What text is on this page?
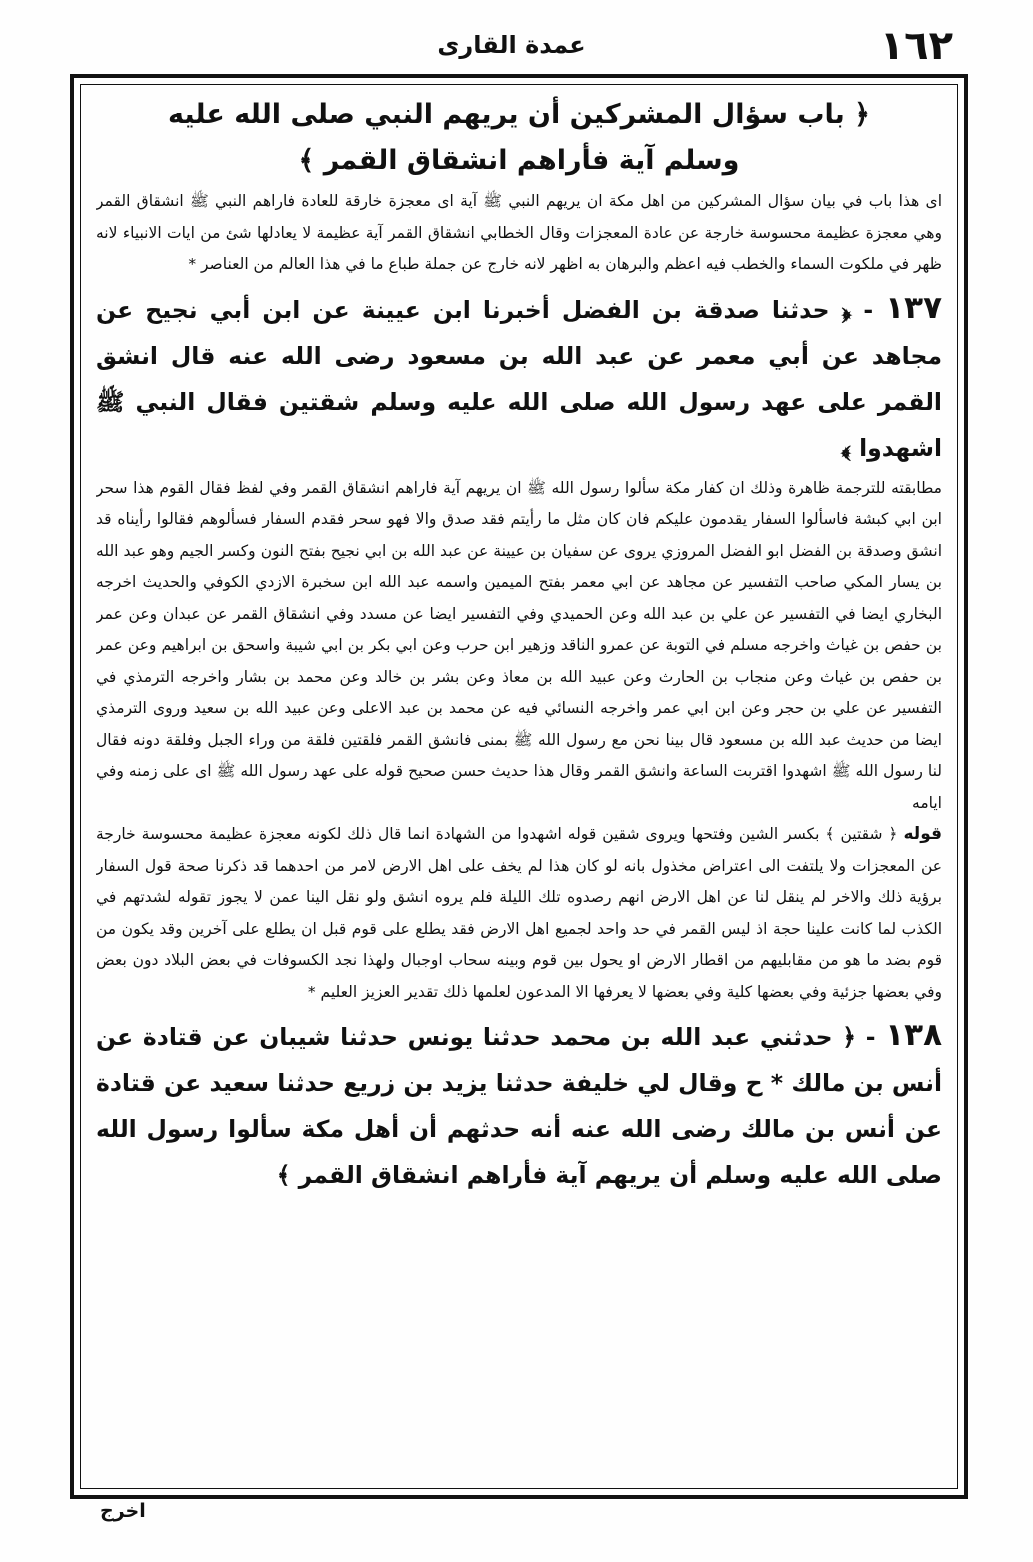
١٦٢
عمدة القارى
﴿ باب سؤال المشركين أن يريهم النبي صلى الله عليه
وسلم آية فأراهم انشقاق القمر ﴾

اى هذا باب في بيان سؤال المشركين من اهل مكة ان يريهم النبي ﷺ آية اى معجزة خارقة للعادة فاراهم النبي ﷺ انشقاق القمر وهي معجزة عظيمة محسوسة خارجة عن عادة المعجزات وقال الخطابي انشقاق القمر آية عظيمة لا يعادلها شئ من ايات الانبياء لانه ظهر في ملكوت السماء والخطب فيه اعظم والبرهان به اظهر لانه خارج عن جملة طباع ما في هذا العالم من العناصر *

١٣٧ - ﴿ حدثنا صدقة بن الفضل أخبرنا ابن عيينة عن ابن أبي نجيح عن مجاهد عن أبي معمر عن عبد الله بن مسعود رضى الله عنه قال انشق القمر على عهد رسول الله صلى الله عليه وسلم شقتين فقال النبي ﷺ اشهدوا ﴾

مطابقته للترجمة ظاهرة وذلك ان كفار مكة سألوا رسول الله ﷺ ان يريهم آية فاراهم انشقاق القمر وفي لفظ فقال القوم هذا سحر ابن ابي كبشة فاسألوا السفار يقدمون عليكم فان كان مثل ما رأيتم فقد صدق والا فهو سحر فقدم السفار فسألوهم فقالوا رأيناه قد انشق وصدقة بن الفضل ابو الفضل المروزي يروى عن سفيان بن عيينة عن عبد الله بن ابي نجيح بفتح النون وكسر الجيم وهو عبد الله بن يسار المكي صاحب التفسير عن مجاهد عن ابي معمر بفتح الميمين واسمه عبد الله ابن سخبرة الازدي الكوفي والحديث اخرجه البخاري ايضا في التفسير عن علي بن عبد الله وعن الحميدي وفي التفسير ايضا عن مسدد وفي انشقاق القمر عن عبدان وعن عمر بن حفص بن غياث واخرجه مسلم في التوبة عن عمرو الناقد وزهير ابن حرب وعن ابي بكر بن ابي شيبة واسحق بن ابراهيم وعن عمر بن حفص بن غياث وعن منجاب بن الحارث وعن عبيد الله بن معاذ وعن بشر بن خالد وعن محمد بن بشار واخرجه الترمذي في التفسير عن علي بن حجر وعن ابن ابي عمر واخرجه النسائي فيه عن محمد بن عبد الاعلى وعن عبيد الله بن سعيد وروى الترمذي ايضا من حديث عبد الله بن مسعود قال بينا نحن مع رسول الله ﷺ بمنى فانشق القمر فلقتين فلقة من وراء الجبل وفلقة دونه فقال لنا رسول الله ﷺ اشهدوا اقتربت الساعة وانشق القمر وقال هذا حديث حسن صحيح قوله على عهد رسول الله ﷺ اى على زمنه وفي ايامه

قوله ﴿ شقتين ﴾ بكسر الشين وفتحها ويروى شقين قوله اشهدوا من الشهادة انما قال ذلك لكونه معجزة عظيمة محسوسة خارجة عن المعجزات ولا يلتفت الى اعتراض مخذول بانه لو كان هذا لم يخف على اهل الارض لامر من احدهما قد ذكرنا صحة قول السفار برؤية ذلك والاخر لم ينقل لنا عن اهل الارض انهم رصدوه تلك الليلة فلم يروه انشق ولو نقل الينا عمن لا يجوز تقوله لشدتهم في الكذب لما كانت علينا حجة اذ ليس القمر في حد واحد لجميع اهل الارض فقد يطلع على قوم قبل ان يطلع على آخرين وقد يكون من قوم بضد ما هو من مقابليهم من اقطار الارض او يحول بين قوم وبينه سحاب اوجبال ولهذا نجد الكسوفات في بعض البلاد دون بعض وفي بعضها جزئية وفي بعضها كلية وفي بعضها لا يعرفها الا المدعون لعلمها ذلك تقدير العزيز العليم *

١٣٨ - ﴿ حدثني عبد الله بن محمد حدثنا يونس حدثنا شيبان عن قتادة عن أنس بن مالك * ح وقال لي خليفة حدثنا يزيد بن زريع حدثنا سعيد عن قتادة عن أنس بن مالك رضى الله عنه أنه حدثهم أن أهل مكة سألوا رسول الله صلى الله عليه وسلم أن يريهم آية فأراهم انشقاق القمر ﴾

اخرج
